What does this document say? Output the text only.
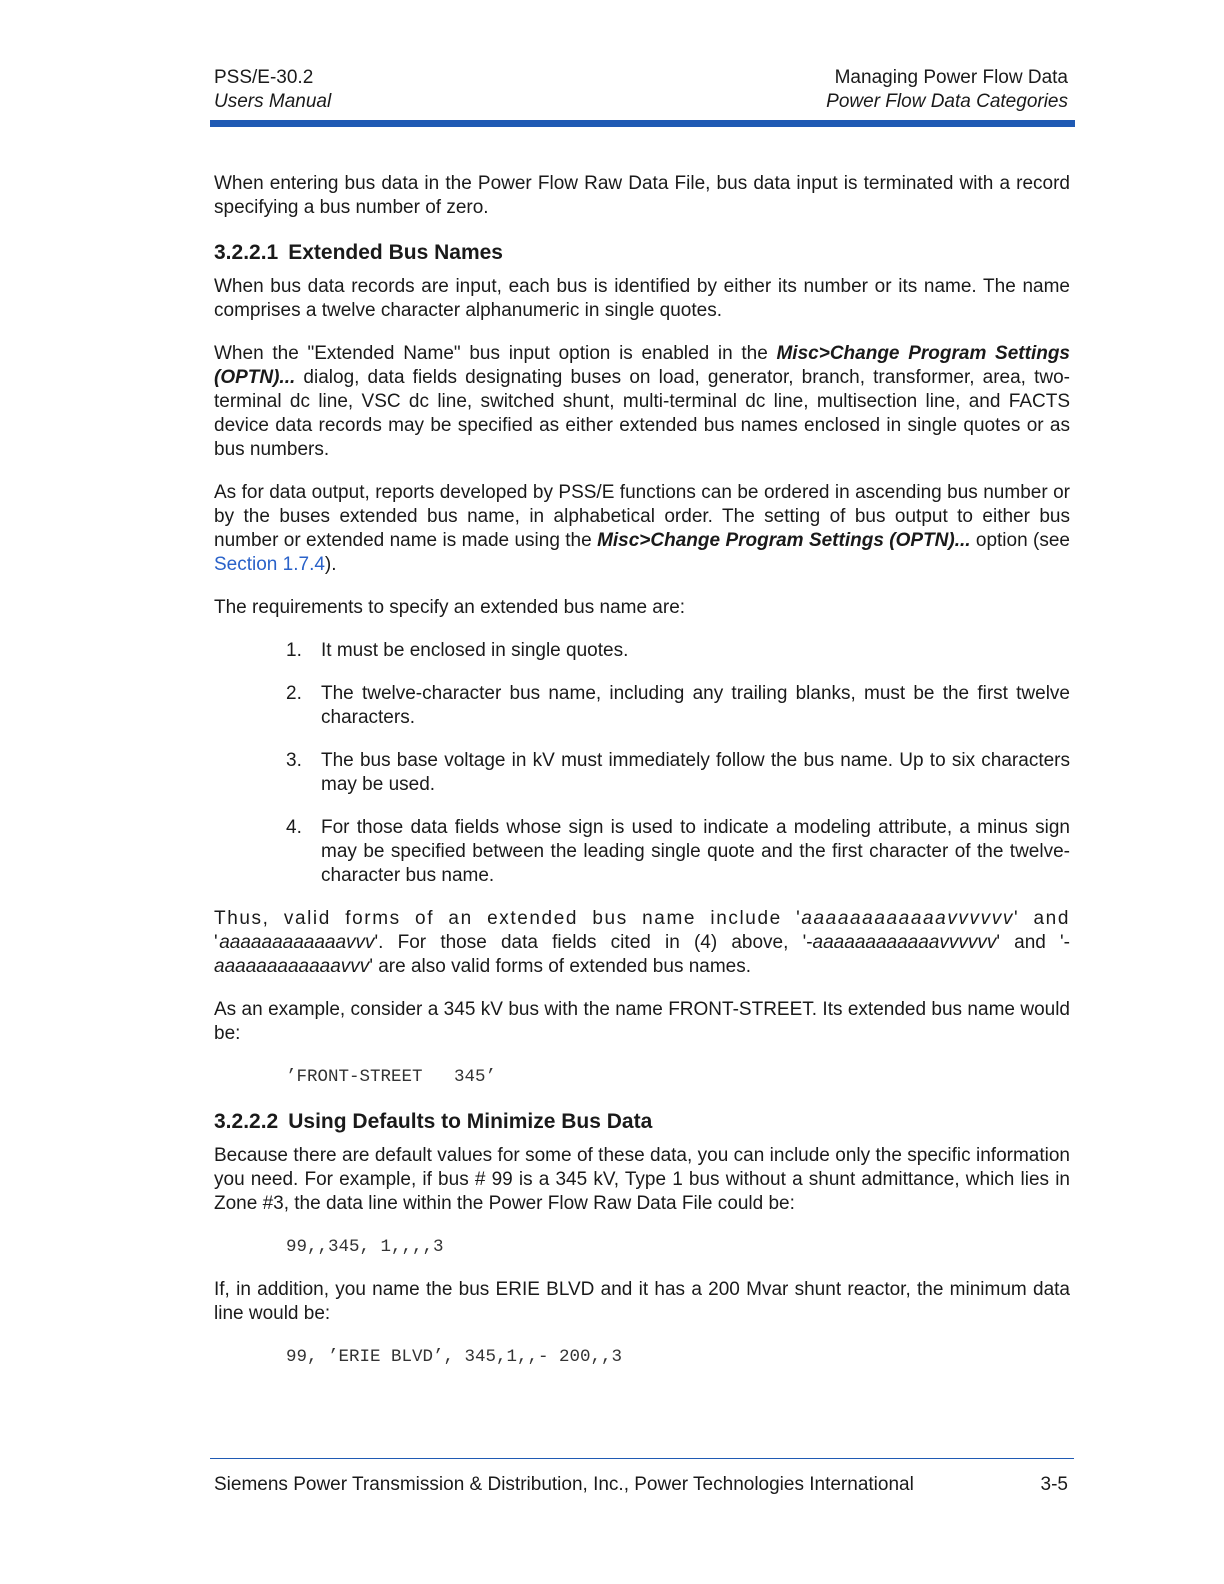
PSS/E-30.2
Users Manual
Managing Power Flow Data
Power Flow Data Categories

When entering bus data in the Power Flow Raw Data File, bus data input is terminated with a record specifying a bus number of zero.

3.2.2.1 Extended Bus Names

When bus data records are input, each bus is identified by either its number or its name. The name comprises a twelve character alphanumeric in single quotes.

When the "Extended Name" bus input option is enabled in the Misc>Change Program Settings (OPTN)... dialog, data fields designating buses on load, generator, branch, transformer, area, two-terminal dc line, VSC dc line, switched shunt, multi-terminal dc line, multisection line, and FACTS device data records may be specified as either extended bus names enclosed in single quotes or as bus numbers.

As for data output, reports developed by PSS/E functions can be ordered in ascending bus number or by the buses extended bus name, in alphabetical order. The setting of bus output to either bus number or extended name is made using the Misc>Change Program Settings (OPTN)... option (see Section 1.7.4).

The requirements to specify an extended bus name are:

1. It must be enclosed in single quotes.
2. The twelve-character bus name, including any trailing blanks, must be the first twelve characters.
3. The bus base voltage in kV must immediately follow the bus name. Up to six characters may be used.
4. For those data fields whose sign is used to indicate a modeling attribute, a minus sign may be specified between the leading single quote and the first character of the twelve-character bus name.

Thus, valid forms of an extended bus name include 'aaaaaaaaaaaavvvvvv' and 'aaaaaaaaaaaavvv'. For those data fields cited in (4) above, '-aaaaaaaaaaaavvvvvv' and '-aaaaaaaaaaaavvv' are also valid forms of extended bus names.

As an example, consider a 345 kV bus with the name FRONT-STREET. Its extended bus name would be:

’FRONT-STREET   345’
3.2.2.2 Using Defaults to Minimize Bus Data

Because there are default values for some of these data, you can include only the specific information you need. For example, if bus # 99 is a 345 kV, Type 1 bus without a shunt admittance, which lies in Zone #3, the data line within the Power Flow Raw Data File could be:

99,,345, 1,,,,3

If, in addition, you name the bus ERIE BLVD and it has a 200 Mvar shunt reactor, the minimum data line would be:

99, ’ERIE BLVD’, 345,1,,- 200,,3
Siemens Power Transmission & Distribution, Inc., Power Technologies International	3-5
